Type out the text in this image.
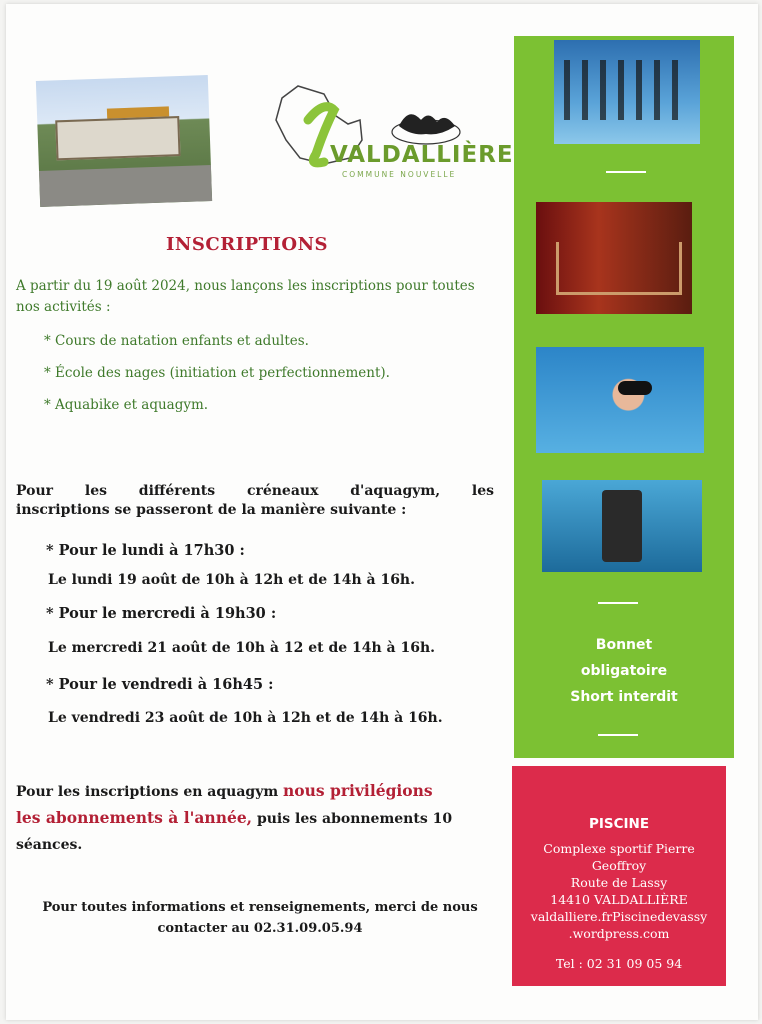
VALDALLIÈRE
COMMUNE NOUVELLE
INSCRIPTIONS
A partir du 19 août 2024, nous lançons les inscriptions pour toutes nos activités :
* Cours de natation enfants et adultes.
* École des nages (initiation et perfectionnement).
* Aquabike et aquagym.
Pour les différents créneaux d'aquagym, les
inscriptions se passeront de la manière suivante :
* Pour le lundi à 17h30 :
Le lundi 19 août de 10h à 12h et de 14h à 16h.
* Pour le mercredi à 19h30 :
Le mercredi 21 août de 10h à 12 et de 14h à 16h.
* Pour le vendredi à 16h45 :
Le vendredi 23 août de 10h à 12h et de 14h à 16h.
Pour les inscriptions en aquagym nous privilégions
les abonnements à l'année, puis les abonnements 10 séances.
Pour toutes informations et renseignements, merci de nous contacter au 02.31.09.05.94
Bonnet
obligatoire
Short interdit
PISCINE
Complexe sportif Pierre
Geoffroy
Route de Lassy
14410 VALDALLIÈRE
valdalliere.frPiscinedevassy
.wordpress.com
Tel : 02 31 09 05 94
